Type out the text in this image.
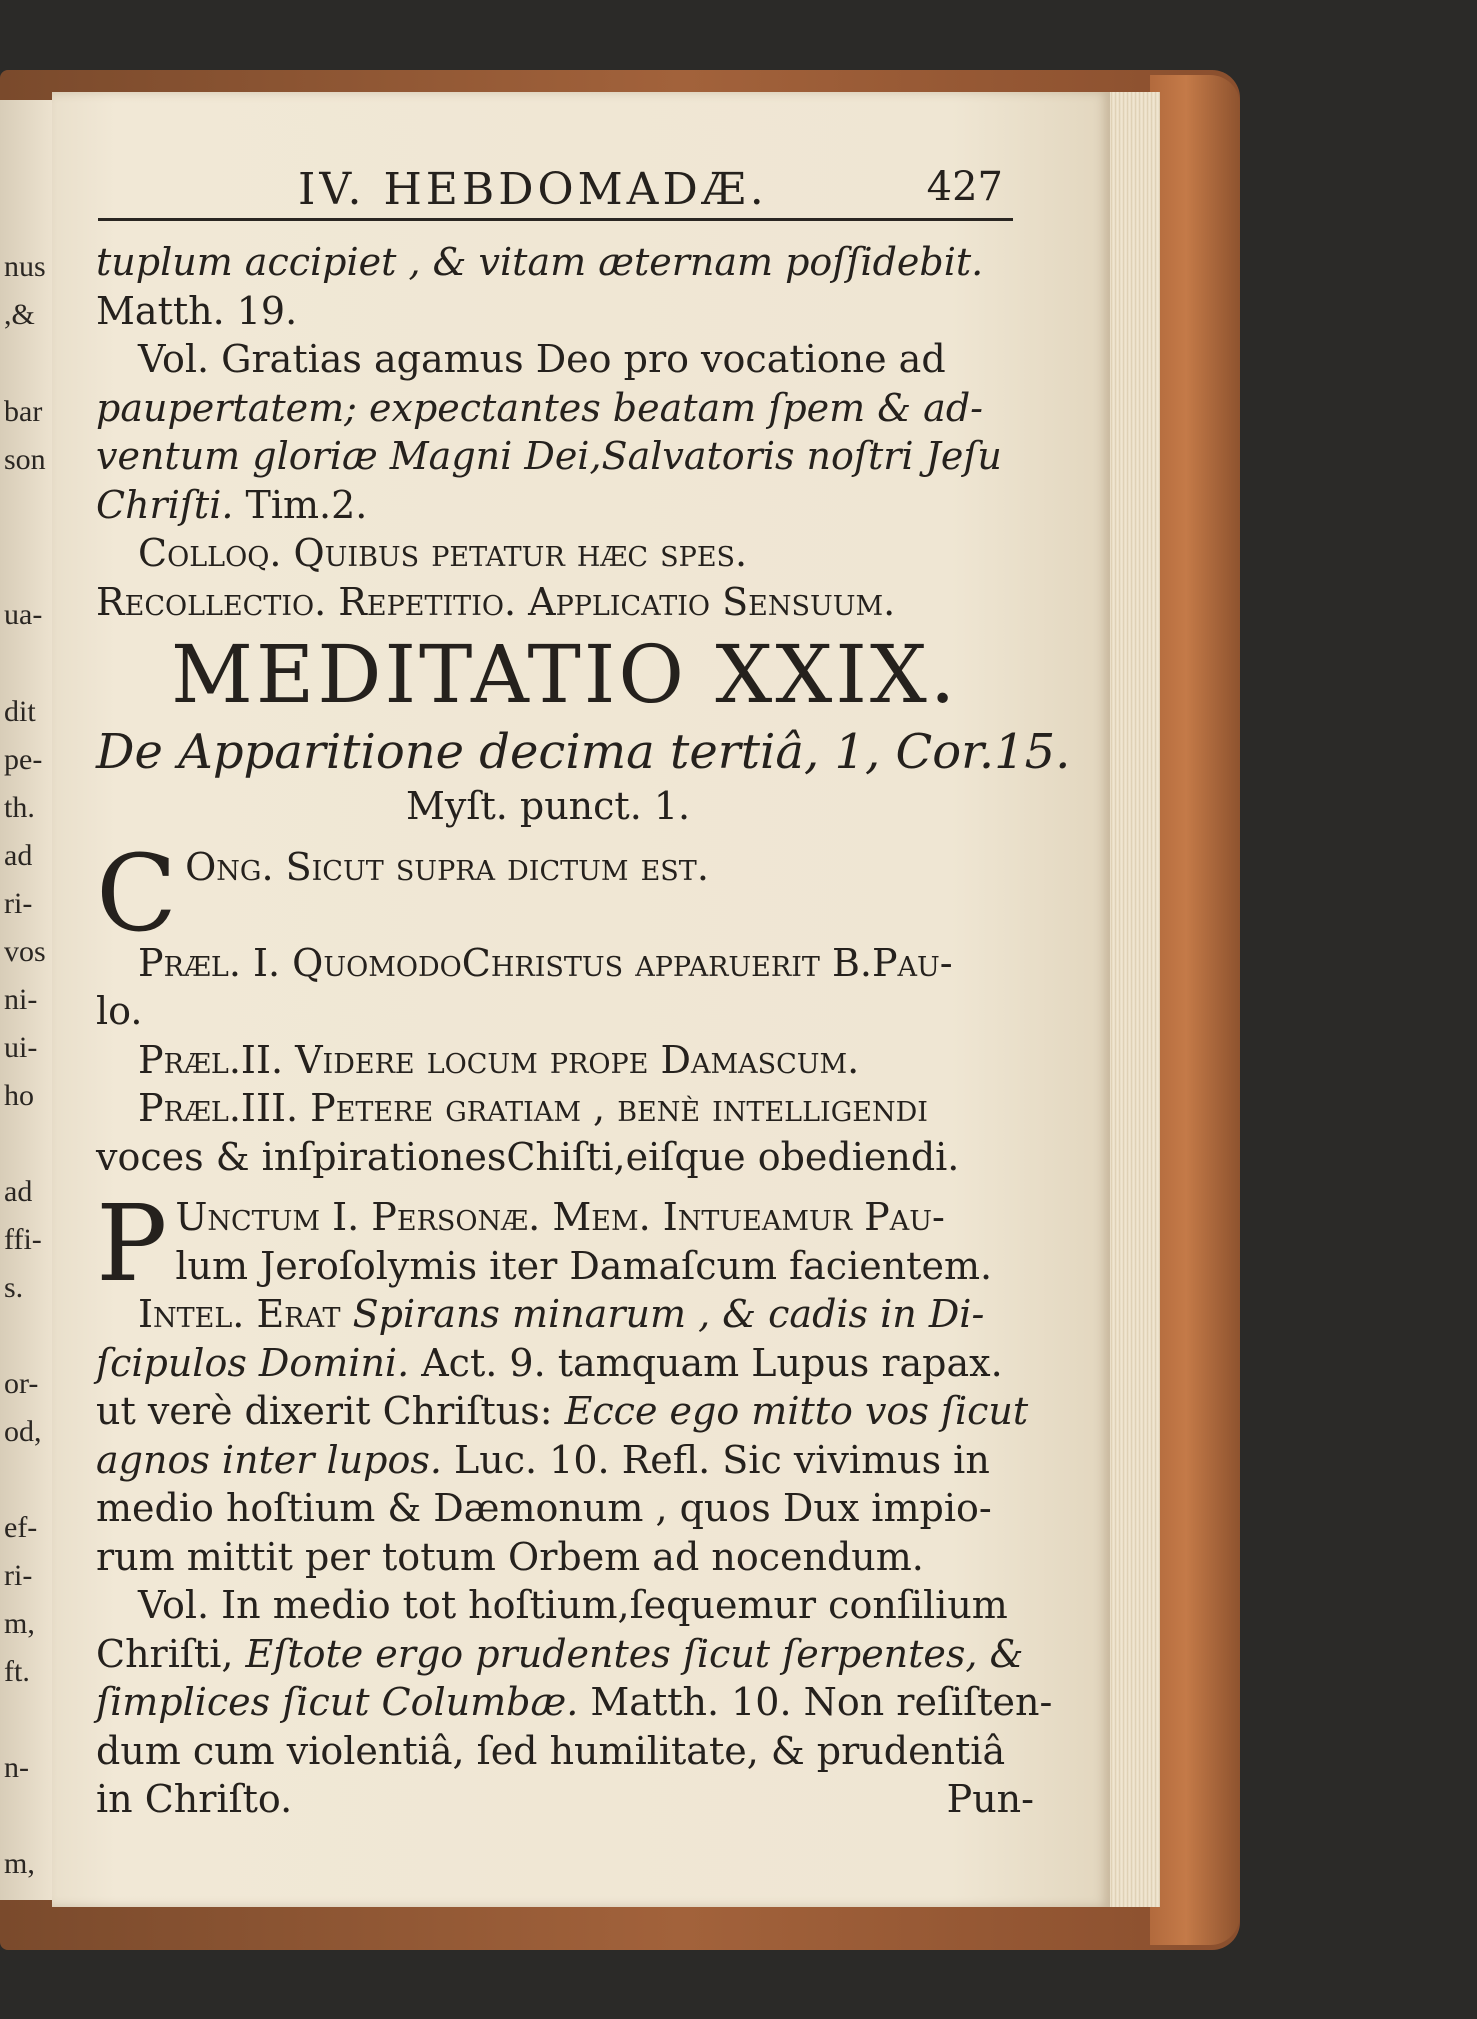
nus
,&
bar
son
ua-
dit
pe-
th.
ad
ri-
vos
ni-
ui-
ho
ad
ffi-
s.
or-
od,
ef-
ri-
m,
ft.
n-
m,
IV. HEBDOMADÆ.	427

tuplum accipiet , & vitam æternam poſſidebit.

Matth. 19.

Vol. Gratias agamus Deo pro vocatione ad

paupertatem; expectantes beatam ſpem & ad-

ventum gloriæ Magni Dei,Salvatoris noſtri Jeſu

Chriſti. Tim.2.

Colloq. Quibus petatur hæc ſpes.

Recollectio. Repetitio. Applicatio Sensuum.

MEDITATIO XXIX.

De Apparitione decima tertiâ, 1, Cor.15.

Myſt. punct. 1.

C Ong. Sicut ſupra dictum eſt.

Præl. I. QuomodoChriſtus apparuerit B.Pau-

lo.

Præl.II. Videre locum prope Damaſcum.

Præl.III. Petere gratiam , benè intelligendi

voces & inſpirationesChiſti,eiſque obediendi.

P Unctum I. Personæ. Mem. Intueamur Pau-

lum Jeroſolymis iter Damaſcum facientem.

Intel. Erat Spirans minarum , & cadis in Di-

ſcipulos Domini. Act. 9. tamquam Lupus rapax.

ut verè dixerit Chriſtus: Ecce ego mitto vos ſicut

agnos inter lupos. Luc. 10. Refl. Sic vivimus in

medio hoſtium & Dæmonum , quos Dux impio-

rum mittit per totum Orbem ad nocendum.

Vol. In medio tot hoſtium,ſequemur conſilium

Chriſti, Eſtote ergo prudentes ſicut ſerpentes, &

ſimplices ſicut Columbæ. Matth. 10. Non reſiſten-

dum cum violentiâ, ſed humilitate, & prudentiâ

in Chriſto.	Pun-
